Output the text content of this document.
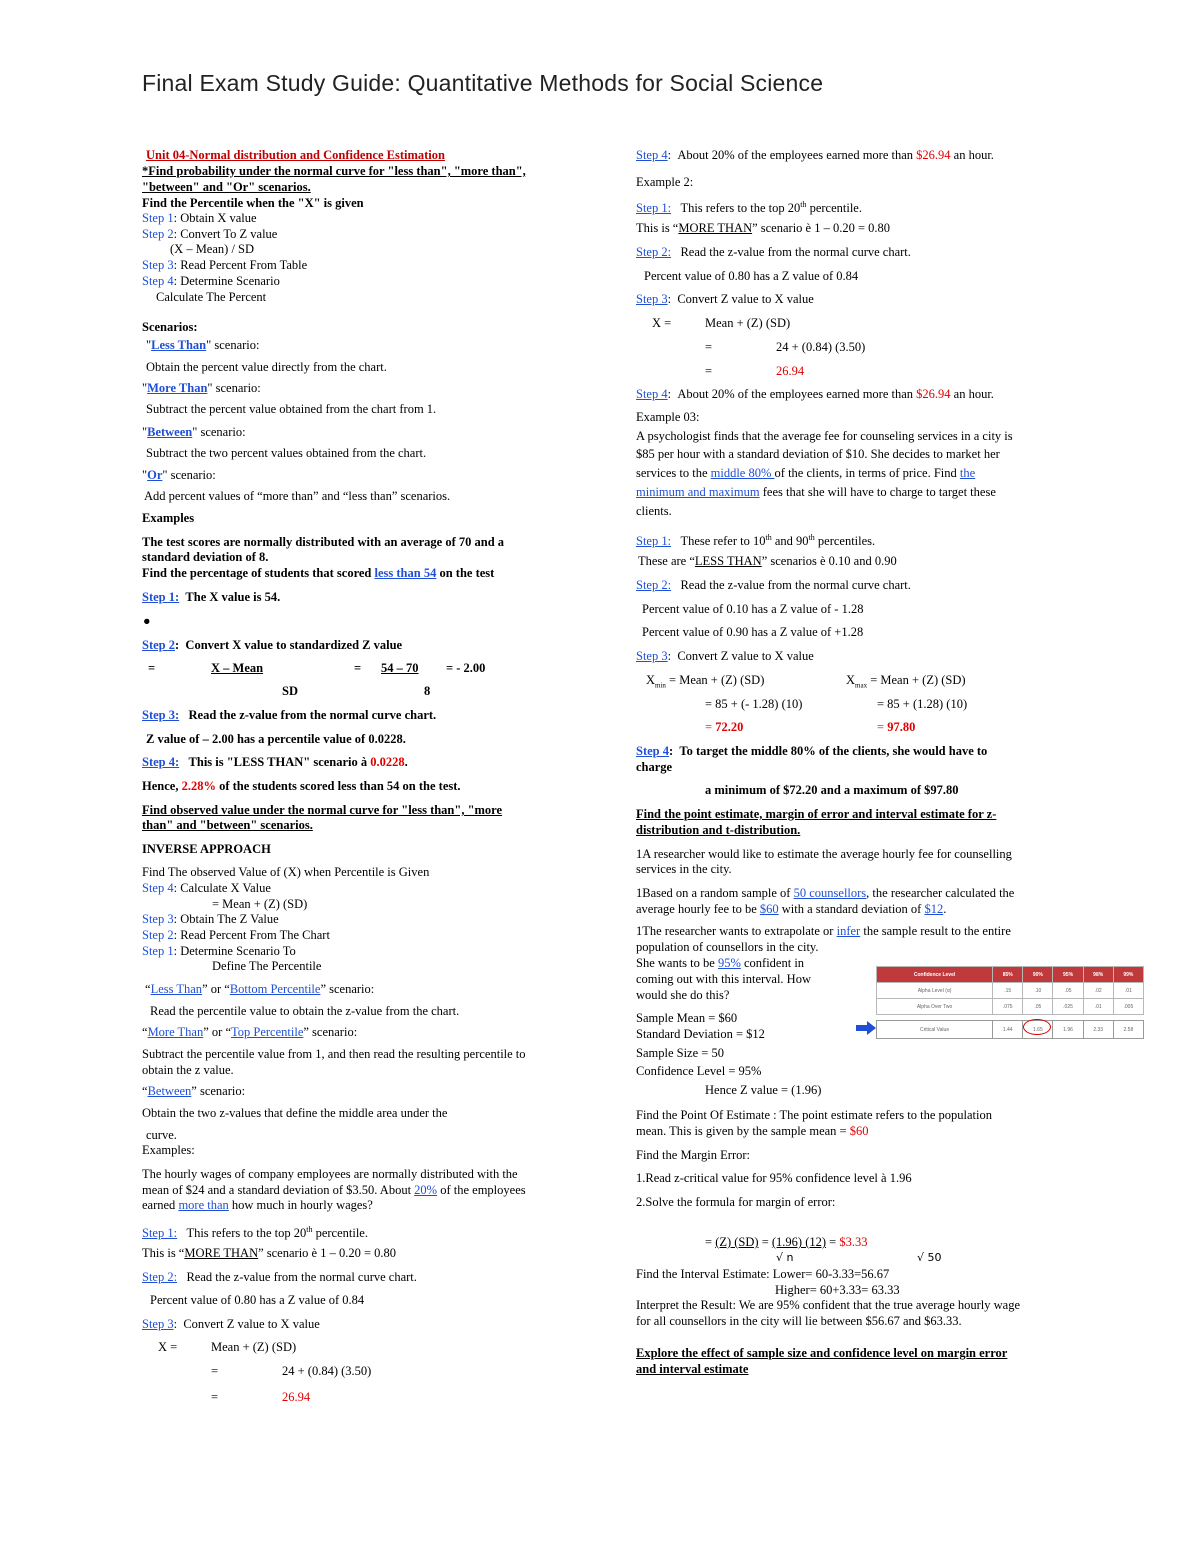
Final Exam Study Guide: Quantitative Methods for Social Science
Unit 04-Normal distribution and Confidence Estimation
*Find probability under the normal curve for "less than", "more than",
"between" and "Or" scenarios.
Find the Percentile when the "X" is given
Step 1: Obtain X value
Step 2: Convert To Z value
(X – Mean) / SD
Step 3: Read Percent From Table
Step 4: Determine Scenario
Calculate The Percent
Scenarios:
"Less Than" scenario:
Obtain the percent value directly from the chart.
"More Than" scenario:
Subtract the percent value obtained from the chart from 1.
"Between" scenario:
Subtract the two percent values obtained from the chart.
"Or" scenario:
Add percent values of “more than” and “less than” scenarios.
Examples
The test scores are normally distributed with an average of 70 and a
standard deviation of 8.
Find the percentage of students that scored less than 54 on the test
Step 1: The X value is 54.
●
Step 2: Convert X value to standardized Z value
=	X – Mean	= 54 – 70 = - 2.00
SD	8
Step 3: Read the z-value from the normal curve chart.
Z value of – 2.00 has a percentile value of 0.0228.
Step 4: This is "LESS THAN" scenario à 0.0228.
Hence, 2.28% of the students scored less than 54 on the test.
Find observed value under the normal curve for "less than", "more
than" and "between" scenarios.
INVERSE APPROACH
Find The observed Value of (X) when Percentile is Given
Step 4: Calculate X Value
= Mean + (Z) (SD)
Step 3: Obtain The Z Value
Step 2: Read Percent From The Chart
Step 1: Determine Scenario To
Define The Percentile
“Less Than” or “Bottom Percentile” scenario:
Read the percentile value to obtain the z-value from the chart.
“More Than” or “Top Percentile” scenario:
Subtract the percentile value from 1, and then read the resulting percentile to
obtain the z value.
“Between” scenario:
Obtain the two z-values that define the middle area under the
curve.
Examples:
The hourly wages of company employees are normally distributed with the
mean of $24 and a standard deviation of $3.50. About 20% of the employees
earned more than how much in hourly wages?
Step 1: This refers to the top 20th percentile.
This is “MORE THAN” scenario è 1 – 0.20 = 0.80
Step 2: Read the z-value from the normal curve chart.
Percent value of 0.80 has a Z value of 0.84
Step 3: Convert Z value to X value
X =	Mean + (Z) (SD)
=	24 + (0.84) (3.50)
=	26.94
Step 4: About 20% of the employees earned more than $26.94 an hour.
Example 2:
Step 1: This refers to the top 20th percentile.
This is “MORE THAN” scenario è 1 – 0.20 = 0.80
Step 2: Read the z-value from the normal curve chart.
Percent value of 0.80 has a Z value of 0.84
Step 3: Convert Z value to X value
X =	Mean + (Z) (SD)
=	24 + (0.84) (3.50)
=	26.94
Step 4: About 20% of the employees earned more than $26.94 an hour.
Example 03:
A psychologist finds that the average fee for counseling services in a city is
$85 per hour with a standard deviation of $10. She decides to market her
services to the middle 80% of the clients, in terms of price. Find the
minimum and maximum fees that she will have to charge to target these
clients.
Step 1: These refer to 10th and 90th percentiles.
These are “LESS THAN” scenarios è 0.10 and 0.90
Step 2: Read the z-value from the normal curve chart.
Percent value of 0.10 has a Z value of - 1.28
Percent value of 0.90 has a Z value of +1.28
Step 3: Convert Z value to X value
$X_{min}$ = Mean + (Z) (SD)	$X_{max}$ = Mean + (Z) (SD)
= 85 + (- 1.28) (10)	= 85 + (1.28) (10)
= 72.20	= 97.80
Step 4: To target the middle 80% of the clients, she would have to
charge
a minimum of $72.20 and a maximum of $97.80
Find the point estimate, margin of error and interval estimate for z-
distribution and t-distribution.
1A researcher would like to estimate the average hourly fee for counselling
services in the city.
1Based on a random sample of 50 counsellors, the researcher calculated the
average hourly fee to be $60 with a standard deviation of $12.
1The researcher wants to extrapolate or infer the sample result to the entire
population of counsellors in the city.
She wants to be 95% confident in
coming out with this interval. How
would she do this?
Sample Mean = $60
Standard Deviation = $12
Sample Size = 50
Confidence Level = 95%
Hence Z value = (1.96)
Find the Point Of Estimate : The point estimate refers to the population
mean. This is given by the sample mean = $60
Find the Margin Error:
1.Read z-critical value for 95% confidence level à 1.96
2.Solve the formula for margin of error:
= (Z) (SD) = (1.96) (12) = $3.33
√ n	√ 50
Find the Interval Estimate: Lower= 60-3.33=56.67
Higher= 60+3.33= 63.33
Interpret the Result: We are 95% confident that the true average hourly wage
for all counsellors in the city will lie between $56.67 and $63.33.
Explore the effect of sample size and confidence level on margin error
and interval estimate
Confidence Level	85%	90%	95%	98%	99%
Alpha Level (α)	.15	.10	.05	.02	.01
Alpha Over Two	.075	.05	.025	.01	.005

Critical Value	1.44	1.65	1.96	2.33	2.58
